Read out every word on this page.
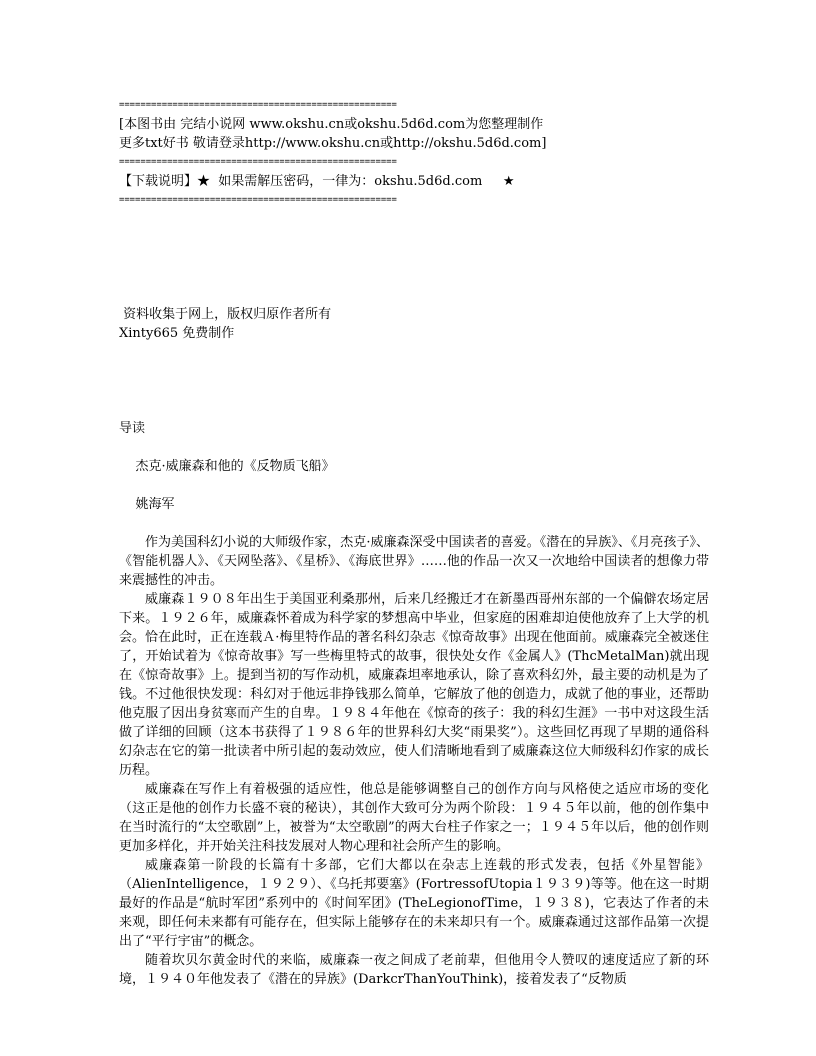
====================================================
[本图书由 完结小说网 www.okshu.cn或okshu.5d6d.com为您整理制作
更多txt好书 敬请登录http://www.okshu.cn或http://okshu.5d6d.com]
====================================================
【下载说明】★  如果需解压密码，一律为：okshu.5d6d.com     ★
====================================================
资料收集于网上，版权归原作者所有
Xinty665 免费制作
导读
杰克·威廉森和他的《反物质飞船》
姚海军

作为美国科幻小说的大师级作家，杰克·威廉森深受中国读者的喜爱。《潜在的异族》、《月亮孩子》、《智能机器人》、《天网坠落》、《星桥》、《海底世界》……他的作品一次又一次地给中国读者的想像力带来震撼性的冲击。

威廉森１９０８年出生于美国亚利桑那州，后来几经搬迁才在新墨西哥州东部的一个偏僻农场定居下来。１９２６年，威廉森怀着成为科学家的梦想高中毕业，但家庭的困难却迫使他放弃了上大学的机会。恰在此时，正在连载Ａ·梅里特作品的著名科幻杂志《惊奇故事》出现在他面前。威廉森完全被迷住了，开始试着为《惊奇故事》写一些梅里特式的故事，很快处女作《金属人》(ThcMetalMan)就出现在《惊奇故事》上。提到当初的写作动机，威廉森坦率地承认，除了喜欢科幻外，最主要的动机是为了钱。不过他很快发现：科幻对于他远非挣钱那么简单，它解放了他的创造力，成就了他的事业，还帮助他克服了因出身贫寒而产生的自卑。１９８４年他在《惊奇的孩子：我的科幻生涯》一书中对这段生活做了详细的回顾（这本书获得了１９８６年的世界科幻大奖“雨果奖”）。这些回忆再现了早期的通俗科幻杂志在它的第一批读者中所引起的轰动效应，使人们清晰地看到了威廉森这位大师级科幻作家的成长历程。

威廉森在写作上有着极强的适应性，他总是能够调整自己的创作方向与风格使之适应市场的变化（这正是他的创作力长盛不衰的秘诀），其创作大致可分为两个阶段：１９４５年以前，他的创作集中在当时流行的“太空歌剧”上，被誉为“太空歌剧”的两大台柱子作家之一；１９４５年以后，他的创作则更加多样化，并开始关注科技发展对人物心理和社会所产生的影响。

威廉森第一阶段的长篇有十多部，它们大都以在杂志上连载的形式发表，包括《外星智能》（AlienIntelligence，１９２９）、《乌托邦要塞》(FortressofUtopia１９３９)等等。他在这一时期最好的作品是“航时军团”系列中的《时间军团》(TheLegionofTime，１９３８)，它表达了作者的未来观，即任何未来都有可能存在，但实际上能够存在的未来却只有一个。威廉森通过这部作品第一次提出了“平行宇宙”的概念。

随着坎贝尔黄金时代的来临，威廉森一夜之间成了老前辈，但他用令人赞叹的速度适应了新的环境，１９４０年他发表了《潜在的异族》(DarkcrThanYouThink)，接着发表了“反物质
